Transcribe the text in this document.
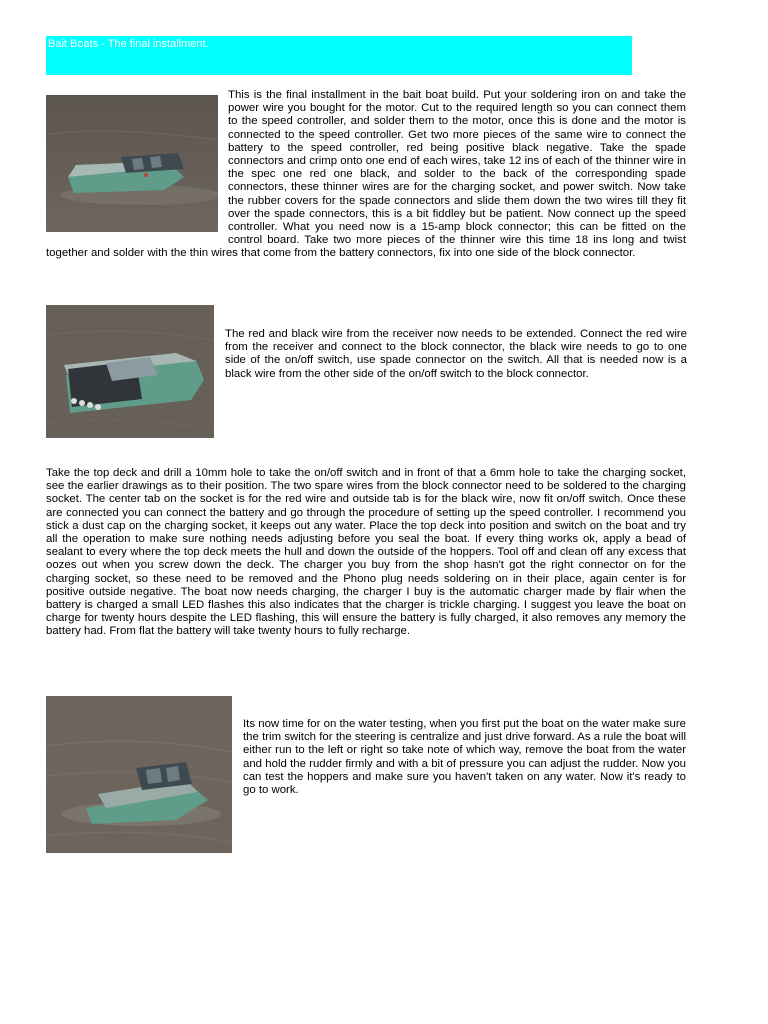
Bait Boats - The final installment.

This is the final installment in the bait boat build. Put your soldering iron on and take the power wire you bought for the motor. Cut to the required length so you can connect them to the speed controller, and solder them to the motor, once this is done and the motor is connected to the speed controller. Get two more pieces of the same wire to connect the battery to the speed controller, red being positive black negative. Take the spade connectors and crimp onto one end of each wires, take 12 ins of each of the thinner wire in the spec one red one black, and solder to the back of the corresponding spade connectors, these thinner wires are for the charging socket, and power switch. Now take the rubber covers for the spade connectors and slide them down the two wires till they fit over the spade connectors, this is a bit fiddley but be patient. Now connect up the speed controller. What you need now is a 15-amp block connector; this can be fitted on the control board. Take two more pieces of the thinner wire this time 18 ins long and twist together and solder with the thin wires that come from the battery connectors, fix into one side of the block connector.

The red and black wire from the receiver now needs to be extended. Connect the red wire from the receiver and connect to the block connector, the black wire needs to go to one side of the on/off switch, use spade connector on the switch. All that is needed now is a black wire from the other side of the on/off switch to the block connector.

Take the top deck and drill a 10mm hole to take the on/off switch and in front of that a 6mm hole to take the charging socket, see the earlier drawings as to their position. The two spare wires from the block connector need to be soldered to the charging socket. The center tab on the socket is for the red wire and outside tab is for the black wire, now fit on/off switch. Once these are connected you can connect the battery and go through the procedure of setting up the speed controller. I recommend you stick a dust cap on the charging socket, it keeps out any water. Place the top deck into position and switch on the boat and try all the operation to make sure nothing needs adjusting before you seal the boat. If every thing works ok, apply a bead of sealant to every where the top deck meets the hull and down the outside of the hoppers. Tool off and clean off any excess that oozes out when you screw down the deck. The charger you buy from the shop hasn't got the right connector on for the charging socket, so these need to be removed and the Phono plug needs soldering on in their place, again center is for positive outside negative. The boat now needs charging, the charger I buy is the automatic charger made by flair when the battery is charged a small LED flashes this also indicates that the charger is trickle charging. I suggest you leave the boat on charge for twenty hours despite the LED flashing, this will ensure the battery is fully charged, it also removes any memory the battery had. From flat the battery will take twenty hours to fully recharge.

Its now time for on the water testing, when you first put the boat on the water make sure the trim switch for the steering is centralize and just drive forward. As a rule the boat will either run to the left or right so take note of which way, remove the boat from the water and hold the rudder firmly and with a bit of pressure you can adjust the rudder. Now you can test the hoppers and make sure you haven't taken on any water. Now it's ready to go to work.
